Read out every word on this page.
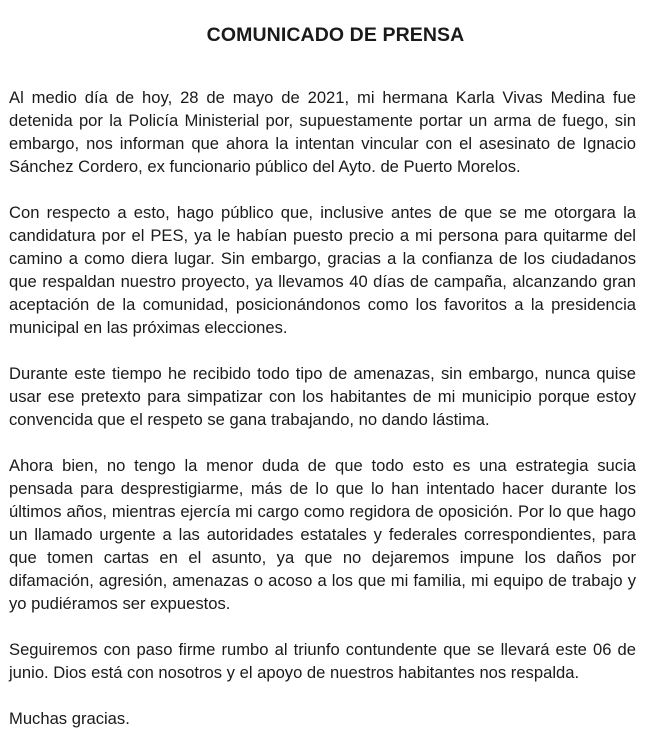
COMUNICADO DE PRENSA

Al medio día de hoy, 28 de mayo de 2021, mi hermana Karla Vivas Medina fue detenida por la Policía Ministerial por, supuestamente portar un arma de fuego, sin embargo, nos informan que ahora la intentan vincular con el asesinato de Ignacio Sánchez Cordero, ex funcionario público del Ayto. de Puerto Morelos.

Con respecto a esto, hago público que, inclusive antes de que se me otorgara la candidatura por el PES, ya le habían puesto precio a mi persona para quitarme del camino a como diera lugar. Sin embargo, gracias a la confianza de los ciudadanos que respaldan nuestro proyecto, ya llevamos 40 días de campaña, alcanzando gran aceptación de la comunidad, posicionándonos como los favoritos a la presidencia municipal en las próximas elecciones.

Durante este tiempo he recibido todo tipo de amenazas, sin embargo, nunca quise usar ese pretexto para simpatizar con los habitantes de mi municipio porque estoy convencida que el respeto se gana trabajando, no dando lástima.

Ahora bien, no tengo la menor duda de que todo esto es una estrategia sucia pensada para desprestigiarme, más de lo que lo han intentado hacer durante los últimos años, mientras ejercía mi cargo como regidora de oposición. Por lo que hago un llamado urgente a las autoridades estatales y federales correspondientes, para que tomen cartas en el asunto, ya que no dejaremos impune los daños por difamación, agresión, amenazas o acoso a los que mi familia, mi equipo de trabajo y yo pudiéramos ser expuestos.

Seguiremos con paso firme rumbo al triunfo contundente que se llevará este 06 de junio. Dios está con nosotros y el apoyo de nuestros habitantes nos respalda.

Muchas gracias.
